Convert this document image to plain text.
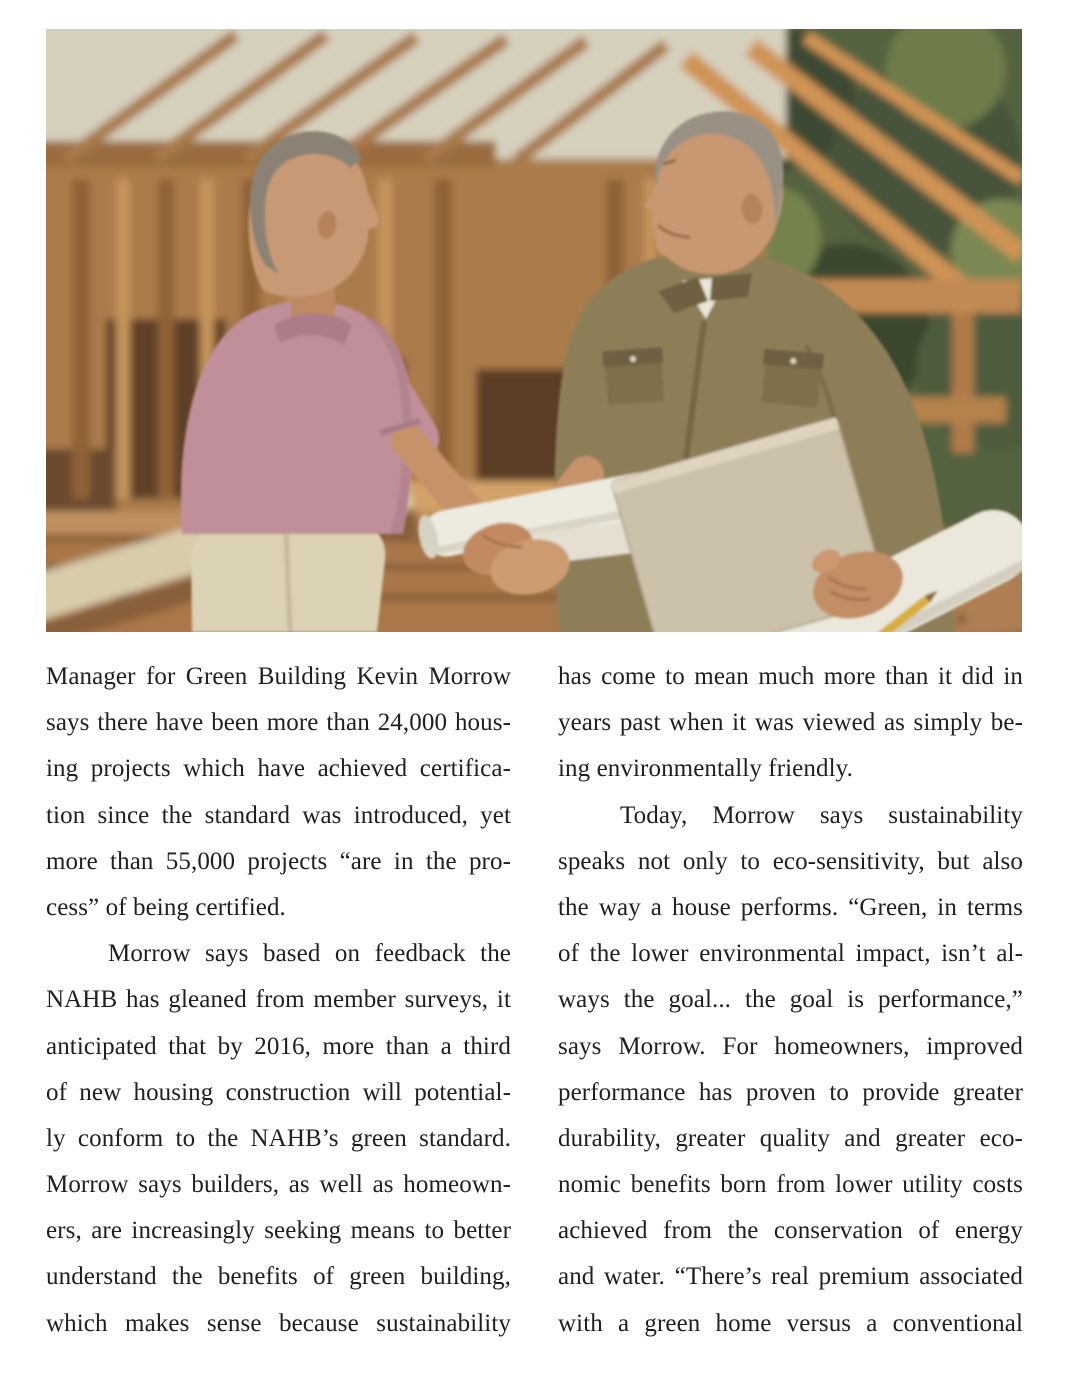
Manager for Green Building Kevin Morrow
says there have been more than 24,000 hous-
ing projects which have achieved certifica-
tion since the standard was introduced, yet
more than 55,000 projects “are in the pro-
cess” of being certified.
Morrow says based on feedback the
NAHB has gleaned from member surveys, it
anticipated that by 2016, more than a third
of new housing construction will potential-
ly conform to the NAHB’s green standard.
Morrow says builders, as well as homeown-
ers, are increasingly seeking means to better
understand the benefits of green building,
which makes sense because sustainability
has come to mean much more than it did in
years past when it was viewed as simply be-
ing environmentally friendly.
Today, Morrow says sustainability
speaks not only to eco-sensitivity, but also
the way a house performs. “Green, in terms
of the lower environmental impact, isn’t al-
ways the goal... the goal is performance,”
says Morrow. For homeowners, improved
performance has proven to provide greater
durability, greater quality and greater eco-
nomic benefits born from lower utility costs
achieved from the conservation of energy
and water. “There’s real premium associated
with a green home versus a conventional
